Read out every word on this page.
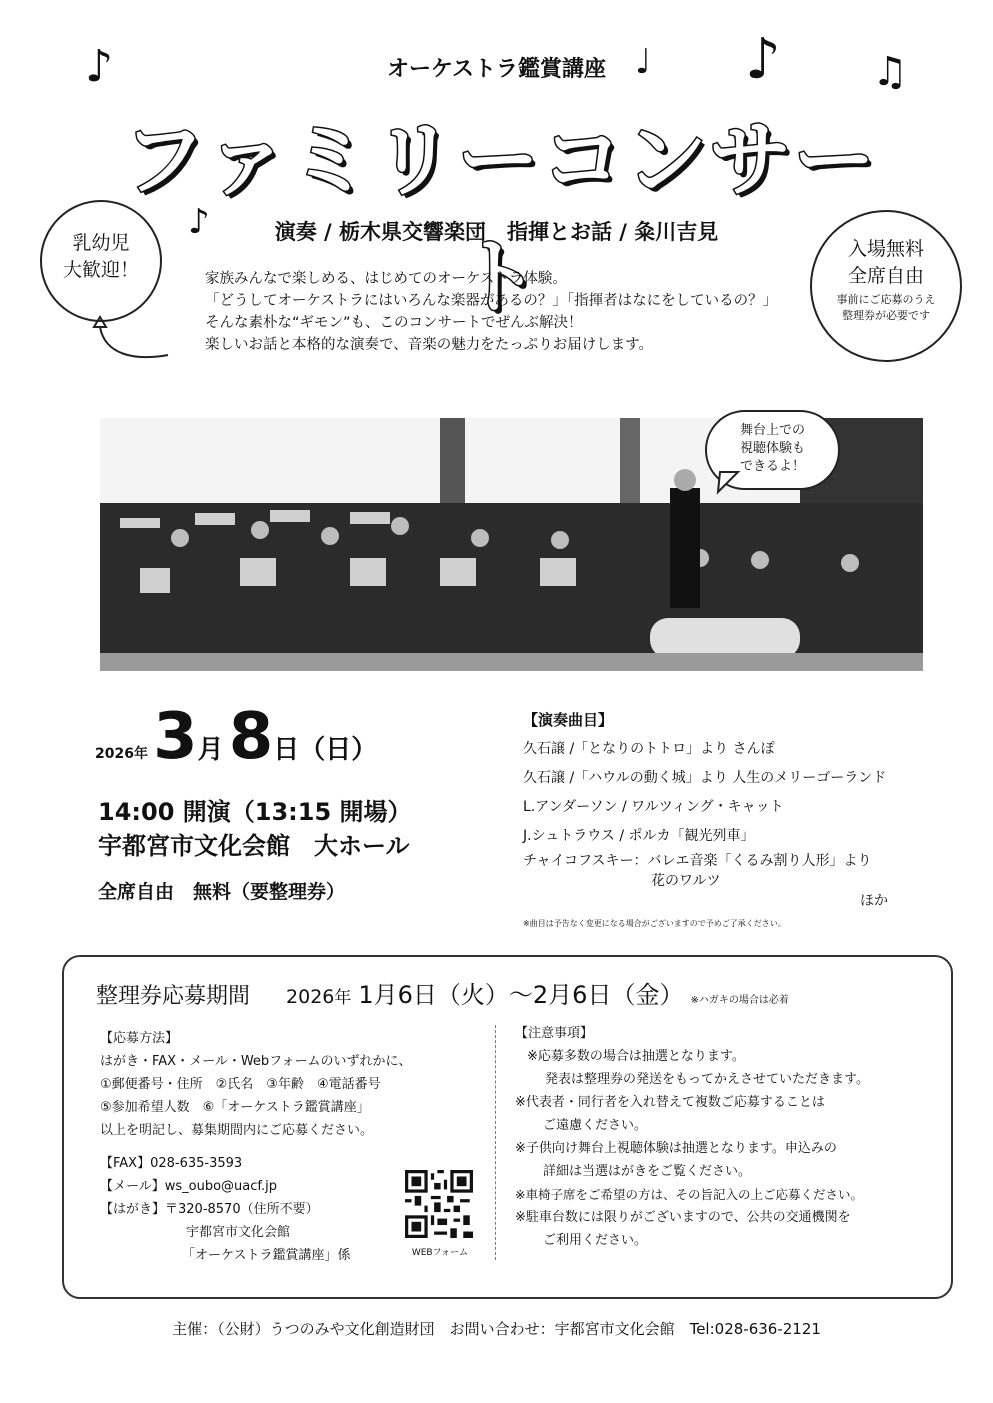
♪	♩ ♪ ♫
♪
オーケストラ鑑賞講座
ファミリーコンサート
演奏 / 栃木県交響楽団　指揮とお話 / 粂川吉見
乳幼児
大歓迎！
入場無料
全席自由
事前にご応募のうえ
整理券が必要です
家族みんなで楽しめる、はじめてのオーケストラ体験。
「どうしてオーケストラにはいろんな楽器があるの？」「指揮者はなにをしているの？」
そんな素朴な“ギモン”も、このコンサートでぜんぶ解決！
楽しいお話と本格的な演奏で、音楽の魅力をたっぷりお届けします。
舞台上での
視聴体験も
できるよ！
2026年 3月 8日（日）
14:00 開演（13:15 開場）
宇都宮市文化会館　大ホール
全席自由　無料（要整理券）
【演奏曲目】
久石譲 /「となりのトトロ」より さんぽ
久石譲 /「ハウルの動く城」より 人生のメリーゴーランド
L.アンダーソン / ワルツィング・キャット
J.シュトラウス / ポルカ「観光列車」
チャイコフスキー：バレエ音楽「くるみ割り人形」より
花のワルツ
ほか
※曲目は予告なく変更になる場合がございますので予めご了承ください。
整理券応募期間 2026年 1月6日（火）～2月6日（金） ※ハガキの場合は必着
【応募方法】
はがき・FAX・メール・Webフォームのいずれかに、
①郵便番号・住所　②氏名　③年齢　④電話番号
⑤参加希望人数　⑥「オーケストラ鑑賞講座」
以上を明記し、募集期間内にご応募ください。
【FAX】028-635-3593
【メール】ws_oubo@uacf.jp
【はがき】〒320-8570（住所不要）
宇都宮市文化会館
「オーケストラ鑑賞講座」係	WEBフォーム
【注意事項】
※応募多数の場合は抽選となります。
発表は整理券の発送をもってかえさせていただきます。
※代表者・同行者を入れ替えて複数ご応募することは
ご遠慮ください。
※子供向け舞台上視聴体験は抽選となります。申込みの
詳細は当選はがきをご覧ください。
※車椅子席をご希望の方は、その旨記入の上ご応募ください。
※駐車台数には限りがございますので、公共の交通機関を
ご利用ください。
主催：（公財）うつのみや文化創造財団　お問い合わせ：宇都宮市文化会館　Tel:028-636-2121
